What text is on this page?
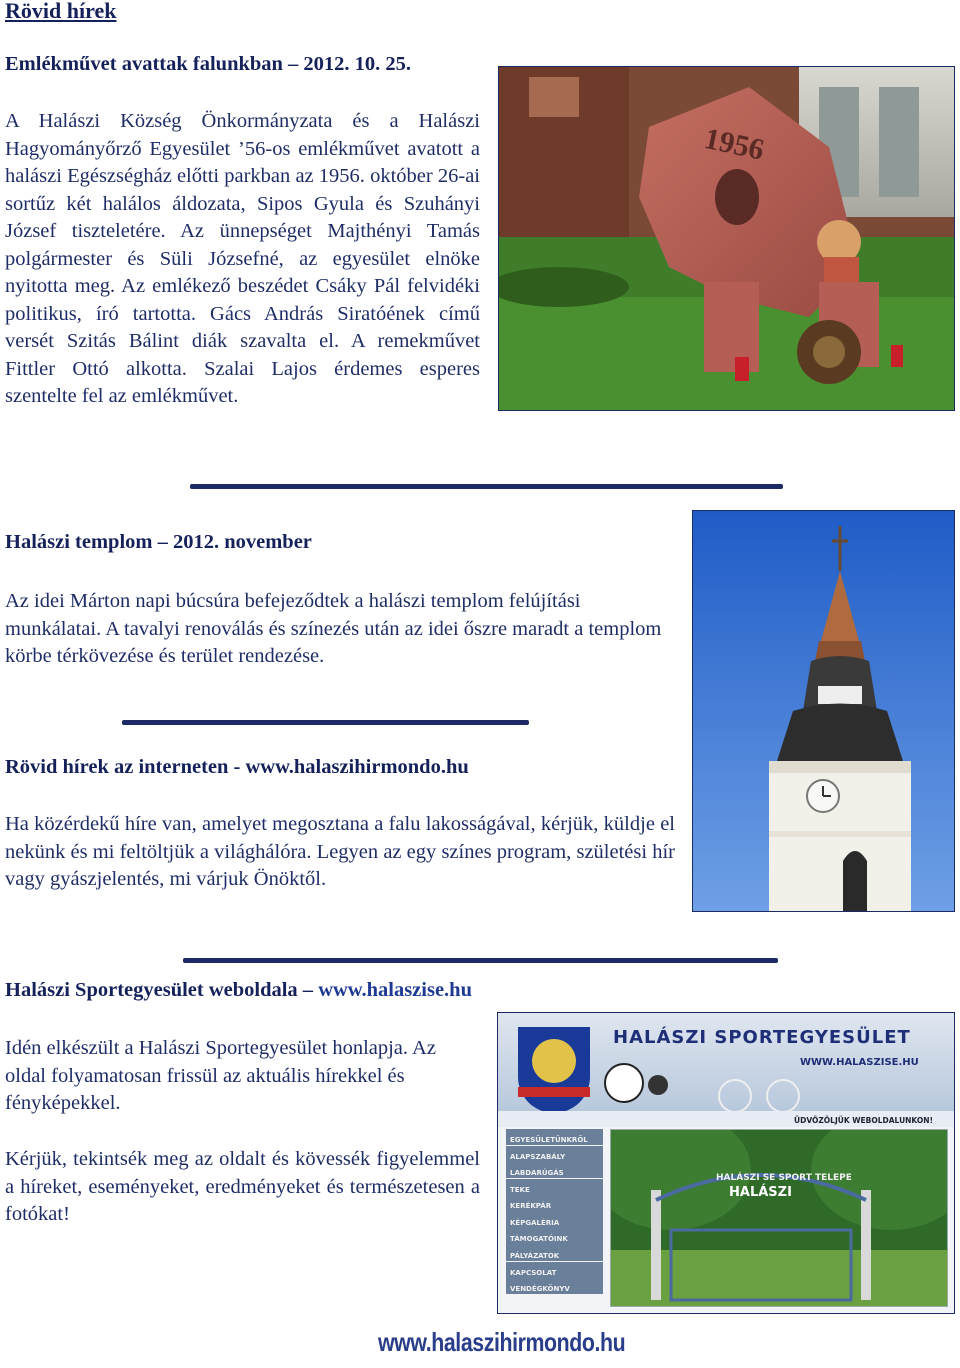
Rövid hírek
Emlékművet avattak falunkban – 2012. 10. 25.
A Halászi Község Önkormányzata és a Halászi Hagyományőrző Egyesület ’56-os emlékművet avatott a halászi Egészségház előtti parkban az 1956. október 26-ai sortűz két halálos áldozata, Sipos Gyula és Szuhányi József tiszteletére. Az ünnepséget Majthényi Tamás polgármester és Süli Józsefné, az egyesület elnöke nyitotta meg. Az emlékező beszédet Csáky Pál felvidéki politikus, író tartotta. Gács András Siratóének című versét Szitás Bálint diák szavalta el. A remekművet Fittler Ottó alkotta. Szalai Lajos érdemes esperes szentelte fel az emlékművet.
1956
Halászi templom – 2012. november
Az idei Márton napi búcsúra befejeződtek a halászi templom felújítási munkálatai. A tavalyi renoválás és színezés után az idei őszre maradt a templom körbe térkövezése és terület rendezése.
Rövid hírek az interneten - www.halaszihirmondo.hu
Ha közérdekű híre van, amelyet megosztana a falu lakosságával, kérjük, küldje el nekünk és mi feltöltjük a világhálóra. Legyen az egy színes program, születési hír vagy gyászjelentés, mi várjuk Önöktől.
Halászi Sportegyesület weboldala – www.halaszise.hu
Idén elkészült a Halászi Sportegyesület honlapja. Az oldal folyamatosan frissül az aktuális hírekkel és fényképekkel.
Kérjük, tekintsék meg az oldalt és kövessék figyelemmel a híreket, eseményeket, eredményeket és természetesen a fotókat!
HALÁSZI SPORTEGYESÜLET
WWW.HALASZISE.HU
ÜDVÖZÖLJÜK WEBOLDALUNKON!
EGYESÜLETÜNKRŐL
ALAPSZABÁLY
LABDARÚGÁS
TEKE
KERÉKPÁR
KÉPGALÉRIA
TÁMOGATÓINK
PÁLYÁZATOK
KAPCSOLAT
VENDÉGKÖNYV
HALÁSZI SE SPORT TELEPE
HALÁSZI
www.halaszihirmondo.hu
